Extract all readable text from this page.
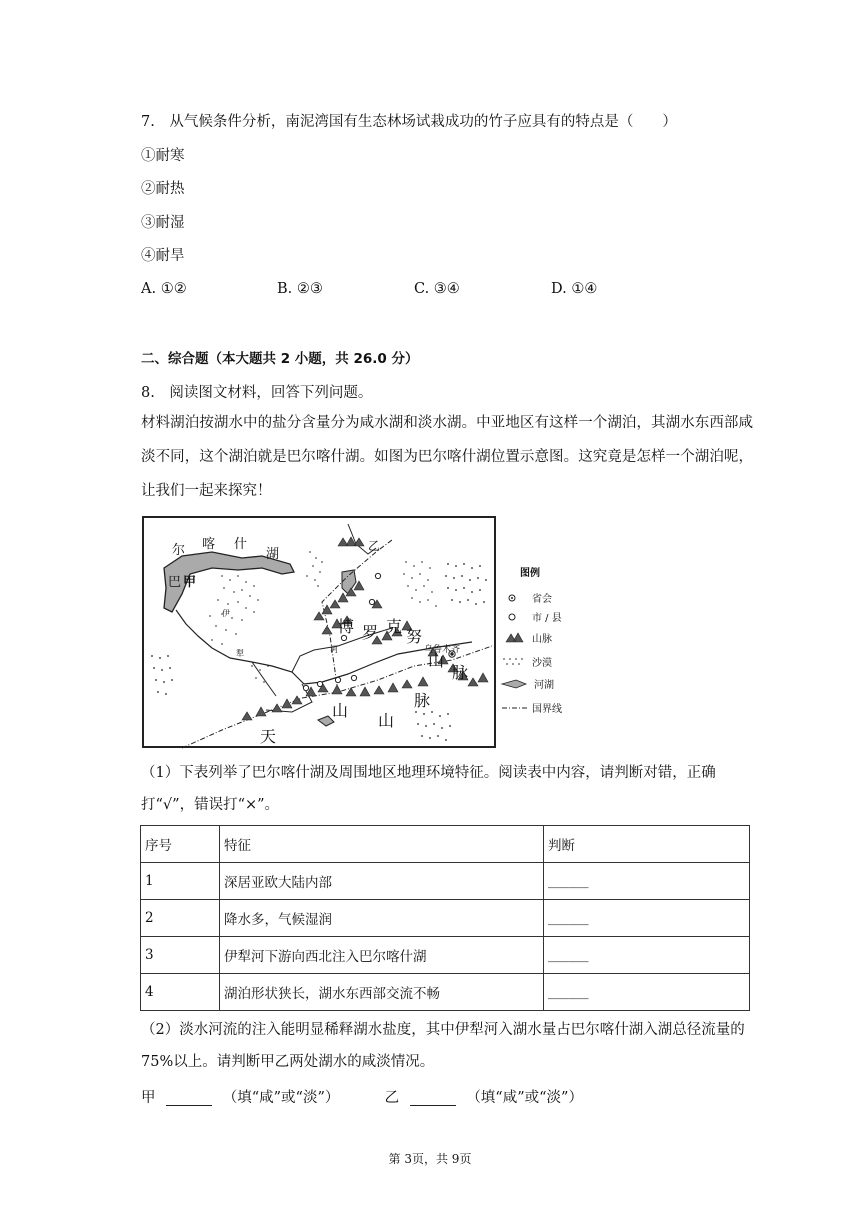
7.　从气候条件分析，南泥湾国有生态林场试栽成功的竹子应具有的特点是（　　）
①耐寒
②耐热
③耐湿
④耐旱
A. ①②	B. ②③	C. ③④	D. ①④
二、综合题（本大题共 2 小题，共 26.0 分）
8.　阅读图文材料，回答下列问题。
材料湖泊按湖水中的盐分含量分为咸水湖和淡水湖。中亚地区有这样一个湖泊，其湖水东西部咸淡不同，这个湖泊就是巴尔喀什湖。如图为巴尔喀什湖位置示意图。这究竟是怎样一个湖泊呢，让我们一起来探究！
尔 喀 什
湖
巴 甲
乙
伊
犁	河
博 罗 克
努
山
脉
乌鲁木齐
天
山
山
脉
图例
省会
市 / 县
山脉
沙漠
河湖
国界线
（1）下表列举了巴尔喀什湖及周围地区地理环境特征。阅读表中内容，请判断对错，正确打“√”，错误打“×”。
序号	特征	判断
1	深居亚欧大陆内部	______
2	降水多，气候湿润	______
3	伊犁河下游向西北注入巴尔喀什湖	______
4	湖泊形状狭长，湖水东西部交流不畅	______
（2）淡水河流的注入能明显稀释湖水盐度，其中伊犁河入湖水量占巴尔喀什湖入湖总径流量的 75%以上。请判断甲乙两处湖水的咸淡情况。
甲	（填“咸”或“淡”）	乙	（填“咸”或“淡”）
第 3页，共 9页
